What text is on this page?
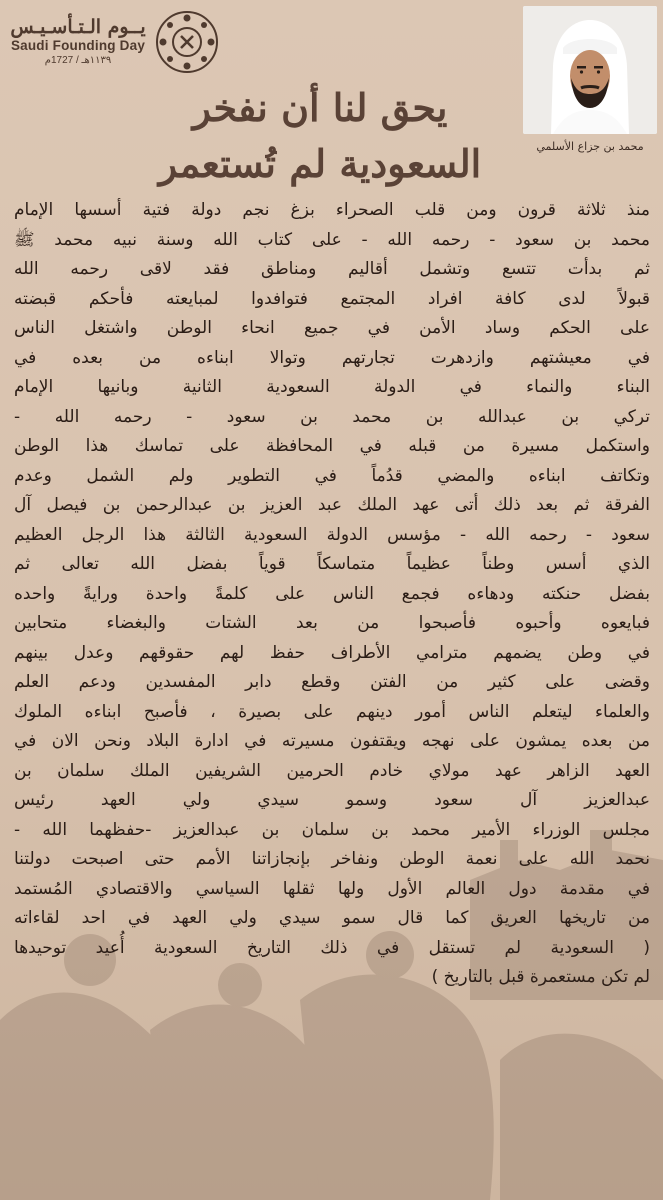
يــوم الـتـأسـيـس
Saudi Founding Day
١١٣٩هـ / 1727م
محمد بن جزاع الأسلمي
يحق لنا أن نفخر
السعودية لم تُستعمر
منذ ثلاثة قرون ومن قلب الصحراء بزغ نجم دولة فتية أسسها الإمام
محمد بن سعود - رحمه الله - على كتاب الله وسنة نبيه محمد ﷺ
ثم بدأت تتسع وتشمل أقاليم ومناطق فقد لاقى رحمه الله
قبولاً لدى كافة افراد المجتمع فتوافدوا لمبايعته فأحكم قبضته
على الحكم وساد الأمن في جميع انحاء الوطن واشتغل الناس
في معيشتهم وازدهرت تجارتهم وتوالا ابناءه من بعده في
البناء والنماء في الدولة السعودية الثانية وبانيها الإمام
تركي بن عبدالله بن محمد بن سعود - رحمه الله -
واستكمل مسيرة من قبله في المحافظة على تماسك هذا الوطن
وتكاتف ابناءه والمضي قدُماً في التطوير ولم الشمل وعدم
الفرقة ثم بعد ذلك أتى عهد الملك عبد العزيز بن عبدالرحمن بن فيصل آل
سعود - رحمه الله - مؤسس الدولة السعودية الثالثة هذا الرجل العظيم
الذي أسس وطناً عظيماً متماسكاً قوياً بفضل الله تعالى ثم
بفضل حنكته ودهاءه فجمع الناس على كلمةً واحدة ورايةً واحده
فبايعوه وأحبوه فأصبحوا من بعد الشتات والبغضاء متحابين
في وطن يضمهم مترامي الأطراف حفظ لهم حقوقهم وعدل بينهم
وقضى على كثير من الفتن وقطع دابر المفسدين ودعم العلم
والعلماء ليتعلم الناس أمور دينهم على بصيرة ، فأصبح ابناءه الملوك
من بعده يمشون على نهجه ويقتفون مسيرته في ادارة البلاد ونحن الان في
العهد الزاهر عهد مولاي خادم الحرمين الشريفين الملك سلمان بن
عبدالعزيز آل سعود وسمو سيدي ولي العهد رئيس
مجلس الوزراء الأمير محمد بن سلمان بن عبدالعزيز -حفظهما الله -
نحمد الله على نعمة الوطن ونفاخر بإنجازاتنا الأمم حتى اصبحت دولتنا
في مقدمة دول العالم الأول ولها ثقلها السياسي والاقتصادي المُستمد
من تاريخها العريق كما قال سمو سيدي ولي العهد في احد لقاءاته
( السعودية لم تستقل في ذلك التاريخ السعودية أُعيد توحيدها
لم تكن مستعمرة قبل بالتاريخ )
